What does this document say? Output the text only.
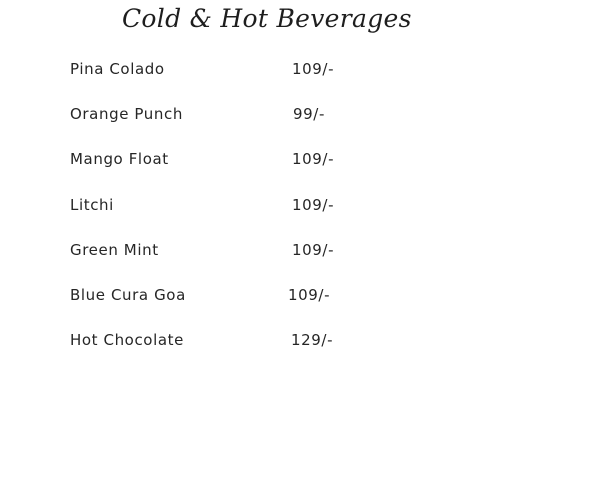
Cold & Hot Beverages
Pina Colado	109/-
Orange Punch	99/-
Mango Float	109/-
Litchi	109/-
Green Mint	109/-
Blue Cura Goa	109/-
Hot Chocolate	129/-
